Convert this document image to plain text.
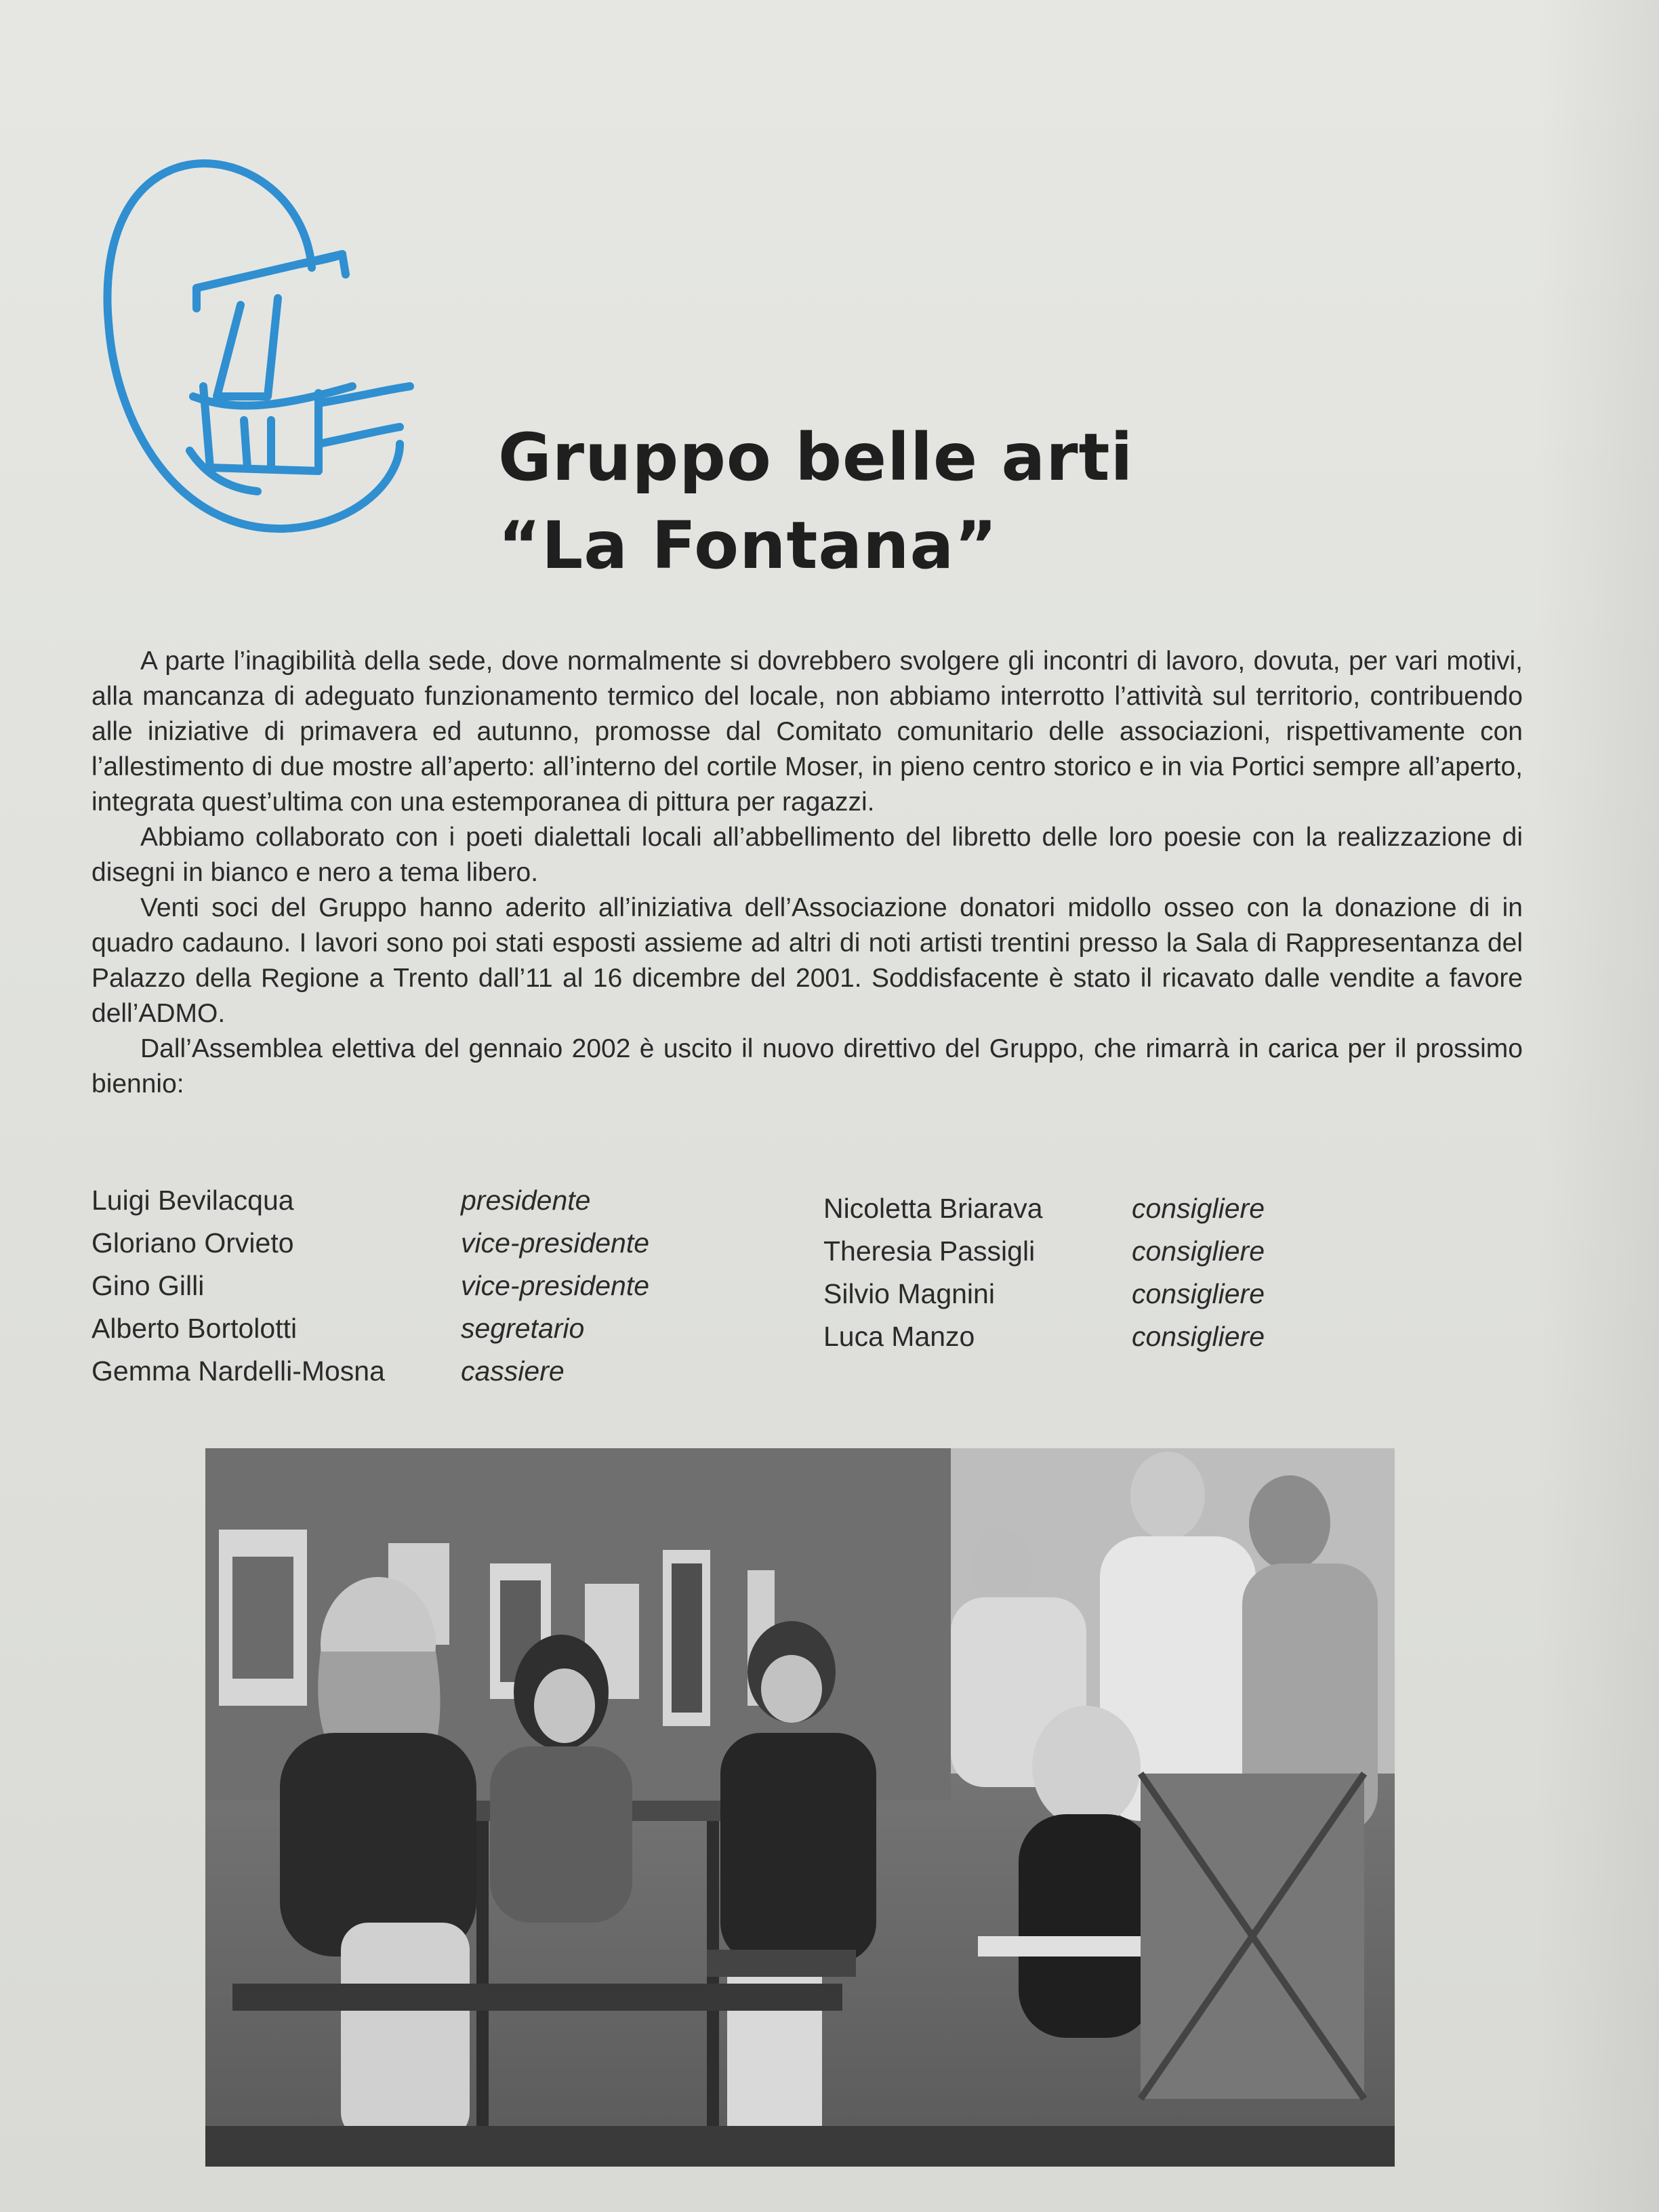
Gruppo belle arti
“La Fontana”

A parte l’inagibilità della sede, dove normalmente si dovrebbero svolgere gli incontri di lavoro, dovuta, per vari motivi, alla mancanza di adeguato funzionamento termico del locale, non abbiamo interrotto l’attività sul territorio, contribuendo alle iniziative di primavera ed autunno, promosse dal Comitato comunitario delle associazioni, rispettivamente con l’allestimento di due mostre all’aperto: all’interno del cortile Moser, in pieno centro storico e in via Portici sempre all’aperto, integrata quest’ultima con una estemporanea di pittura per ragazzi.

Abbiamo collaborato con i poeti dialettali locali all’abbellimento del libretto delle loro poesie con la realizzazione di disegni in bianco e nero a tema libero.

Venti soci del Gruppo hanno aderito all’iniziativa dell’Associazione donatori midollo osseo con la donazione di in quadro cadauno. I lavori sono poi stati esposti assieme ad altri di noti artisti trentini presso la Sala di Rappresentanza del Palazzo della Regione a Trento dall’11 al 16 dicembre del 2001. Soddisfacente è stato il ricavato dalle vendite a favore dell’ADMO.

Dall’Assemblea elettiva del gennaio 2002 è uscito il nuovo direttivo del Gruppo, che rimarrà in carica per il prossimo biennio:

Luigi Bevilacqua
Gloriano Orvieto
Gino Gilli
Alberto Bortolotti
Gemma Nardelli-Mosna
presidente
vice-presidente
vice-presidente
segretario
cassiere
Nicoletta Briarava
Theresia Passigli
Silvio Magnini
Luca Manzo
consigliere
consigliere
consigliere
consigliere
